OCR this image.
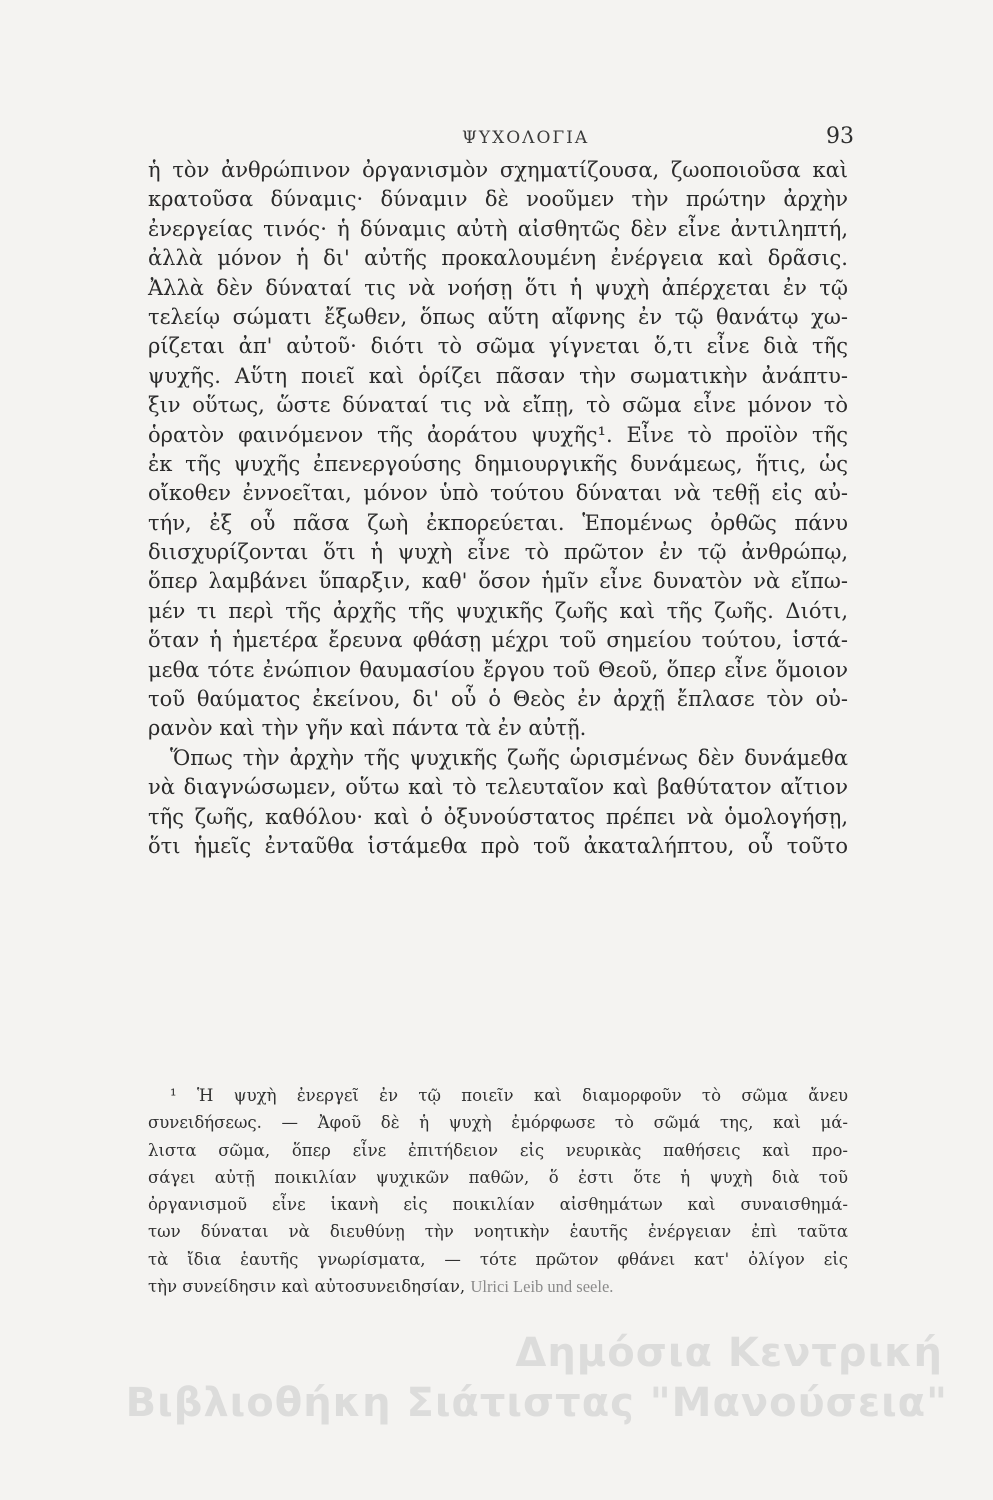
ΨΥΧΟΛΟΓΙΑ	93
ἡ τὸν ἀνθρώπινον ὀργανισμὸν σχηματίζουσα, ζωοποιοῦσα καὶ
κρατοῦσα δύναμις· δύναμιν δὲ νοοῦμεν τὴν πρώτην ἀρχὴν
ἐνεργείας τινός· ἡ δύναμις αὐτὴ αἰσθητῶς δὲν εἶνε ἀντιληπτή,
ἀλλὰ μόνον ἡ δι' αὐτῆς προκαλουμένη ἐνέργεια καὶ δρᾶσις.
Ἀλλὰ δὲν δύναταί τις νὰ νοήσῃ ὅτι ἡ ψυχὴ ἀπέρχεται ἐν τῷ
τελείῳ σώματι ἔξωθεν, ὅπως αὕτη αἴφνης ἐν τῷ θανάτῳ χω-
ρίζεται ἀπ' αὐτοῦ· διότι τὸ σῶμα γίγνεται ὅ,τι εἶνε διὰ τῆς
ψυχῆς. Αὕτη ποιεῖ καὶ ὁρίζει πᾶσαν τὴν σωματικὴν ἀνάπτυ-
ξιν οὕτως, ὥστε δύναταί τις νὰ εἴπῃ, τὸ σῶμα εἶνε μόνον τὸ
ὁρατὸν φαινόμενον τῆς ἀοράτου ψυχῆς¹. Εἶνε τὸ προϊὸν τῆς
ἐκ τῆς ψυχῆς ἐπενεργούσης δημιουργικῆς δυνάμεως, ἥτις, ὡς
οἴκοθεν ἐννοεῖται, μόνον ὑπὸ τούτου δύναται νὰ τεθῇ εἰς αὐ-
τήν, ἐξ οὗ πᾶσα ζωὴ ἐκπορεύεται. Ἑπομένως ὀρθῶς πάνυ
διισχυρίζονται ὅτι ἡ ψυχὴ εἶνε τὸ πρῶτον ἐν τῷ ἀνθρώπῳ,
ὅπερ λαμβάνει ὕπαρξιν, καθ' ὅσον ἡμῖν εἶνε δυνατὸν νὰ εἴπω-
μέν τι περὶ τῆς ἀρχῆς τῆς ψυχικῆς ζωῆς καὶ τῆς ζωῆς. Διότι,
ὅταν ἡ ἡμετέρα ἔρευνα φθάσῃ μέχρι τοῦ σημείου τούτου, ἱστά-
μεθα τότε ἐνώπιον θαυμασίου ἔργου τοῦ Θεοῦ, ὅπερ εἶνε ὅμοιον
τοῦ θαύματος ἐκείνου, δι' οὗ ὁ Θεὸς ἐν ἀρχῇ ἔπλασε τὸν οὐ-
ρανὸν καὶ τὴν γῆν καὶ πάντα τὰ ἐν αὐτῇ.
Ὅπως τὴν ἀρχὴν τῆς ψυχικῆς ζωῆς ὡρισμένως δὲν δυνάμεθα
νὰ διαγνώσωμεν, οὕτω καὶ τὸ τελευταῖον καὶ βαθύτατον αἴτιον
τῆς ζωῆς, καθόλου· καὶ ὁ ὀξυνούστατος πρέπει νὰ ὁμολογήσῃ,
ὅτι ἡμεῖς ἐνταῦθα ἱστάμεθα πρὸ τοῦ ἀκαταλήπτου, οὗ τοῦτο
¹ Ἡ ψυχὴ ἐνεργεῖ ἐν τῷ ποιεῖν καὶ διαμορφοῦν τὸ σῶμα ἄνευ
συνειδήσεως. — Ἀφοῦ δὲ ἡ ψυχὴ ἐμόρφωσε τὸ σῶμά της, καὶ μά-
λιστα σῶμα, ὅπερ εἶνε ἐπιτήδειον εἰς νευρικὰς παθήσεις καὶ προ-
σάγει αὐτῇ ποικιλίαν ψυχικῶν παθῶν, ὅ ἐστι ὅτε ἡ ψυχὴ διὰ τοῦ
ὀργανισμοῦ εἶνε ἱκανὴ εἰς ποικιλίαν αἰσθημάτων καὶ συναισθημά-
των δύναται νὰ διευθύνῃ τὴν νοητικὴν ἑαυτῆς ἐνέργειαν ἐπὶ ταῦτα
τὰ ἴδια ἑαυτῆς γνωρίσματα, — τότε πρῶτον φθάνει κατ' ὀλίγον εἰς
τὴν συνείδησιν καὶ αὐτοσυνειδησίαν, Ulrici Leib und seele.
Δημόσια Κεντρική
Βιβλιοθήκη Σιάτιστας "Μανούσεια"
